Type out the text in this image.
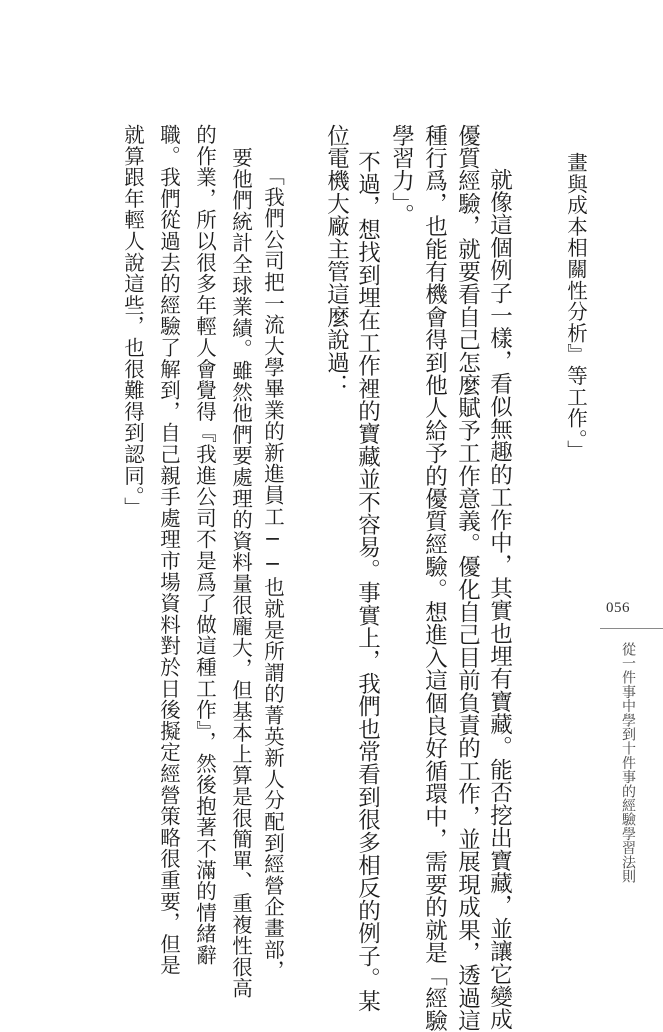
畫與成本相關性分析』等工作。」
就像這個例子一樣，看似無趣的工作中，其實也埋有寶藏。能否挖出寶藏，並讓它變成
優質經驗，就要看自己怎麼賦予工作意義。優化自己目前負責的工作，並展現成果，透過這
種行爲，也能有機會得到他人給予的優質經驗。想進入這個良好循環中，需要的就是「經驗
學習力」。
不過，想找到埋在工作裡的寶藏並不容易。事實上，我們也常看到很多相反的例子。某
位電機大廠主管這麼說過：
「我們公司把一流大學畢業的新進員工──也就是所謂的菁英新人分配到經營企畫部，
要他們統計全球業績。雖然他們要處理的資料量很龐大，但基本上算是很簡單、重複性很高
的作業，所以很多年輕人會覺得『我進公司不是爲了做這種工作』，然後抱著不滿的情緒辭
職。我們從過去的經驗了解到，自己親手處理市場資料對於日後擬定經營策略很重要，但是
就算跟年輕人說這些，也很難得到認同。」
056
從一件事中學到十件事的經驗學習法則
